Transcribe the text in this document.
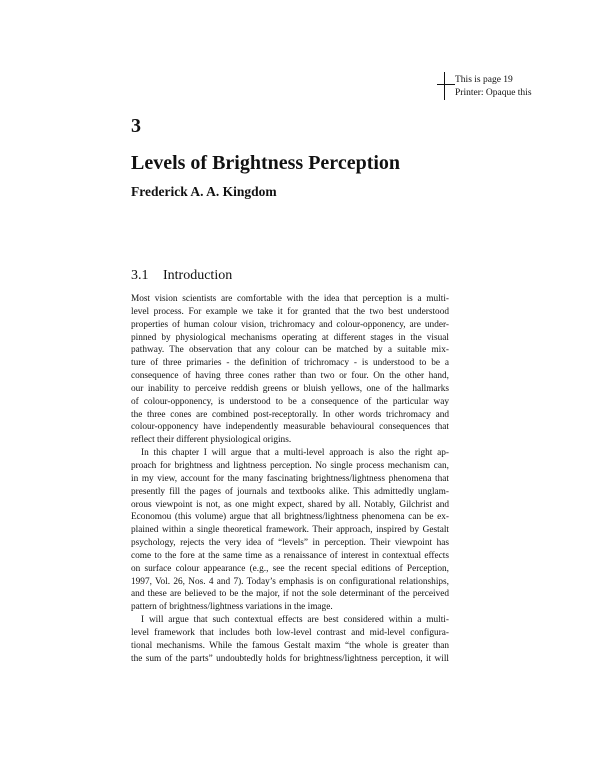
This is page 19
Printer: Opaque this
3
Levels of Brightness Perception
Frederick A. A. Kingdom
3.1 Introduction

Most vision scientists are comfortable with the idea that perception is a multi-

level process. For example we take it for granted that the two best understood

properties of human colour vision, trichromacy and colour-opponency, are under-

pinned by physiological mechanisms operating at different stages in the visual

pathway. The observation that any colour can be matched by a suitable mix-

ture of three primaries - the definition of trichromacy - is understood to be a

consequence of having three cones rather than two or four. On the other hand,

our inability to perceive reddish greens or bluish yellows, one of the hallmarks

of colour-opponency, is understood to be a consequence of the particular way

the three cones are combined post-receptorally. In other words trichromacy and

colour-opponency have independently measurable behavioural consequences that

reflect their different physiological origins.

In this chapter I will argue that a multi-level approach is also the right ap-

proach for brightness and lightness perception. No single process mechanism can,

in my view, account for the many fascinating brightness/lightness phenomena that

presently fill the pages of journals and textbooks alike. This admittedly unglam-

orous viewpoint is not, as one might expect, shared by all. Notably, Gilchrist and

Economou (this volume) argue that all brightness/lightness phenomena can be ex-

plained within a single theoretical framework. Their approach, inspired by Gestalt

psychology, rejects the very idea of “levels” in perception. Their viewpoint has

come to the fore at the same time as a renaissance of interest in contextual effects

on surface colour appearance (e.g., see the recent special editions of Perception,

1997, Vol. 26, Nos. 4 and 7). Today’s emphasis is on configurational relationships,

and these are believed to be the major, if not the sole determinant of the perceived

pattern of brightness/lightness variations in the image.

I will argue that such contextual effects are best considered within a multi-

level framework that includes both low-level contrast and mid-level configura-

tional mechanisms. While the famous Gestalt maxim “the whole is greater than

the sum of the parts” undoubtedly holds for brightness/lightness perception, it will
